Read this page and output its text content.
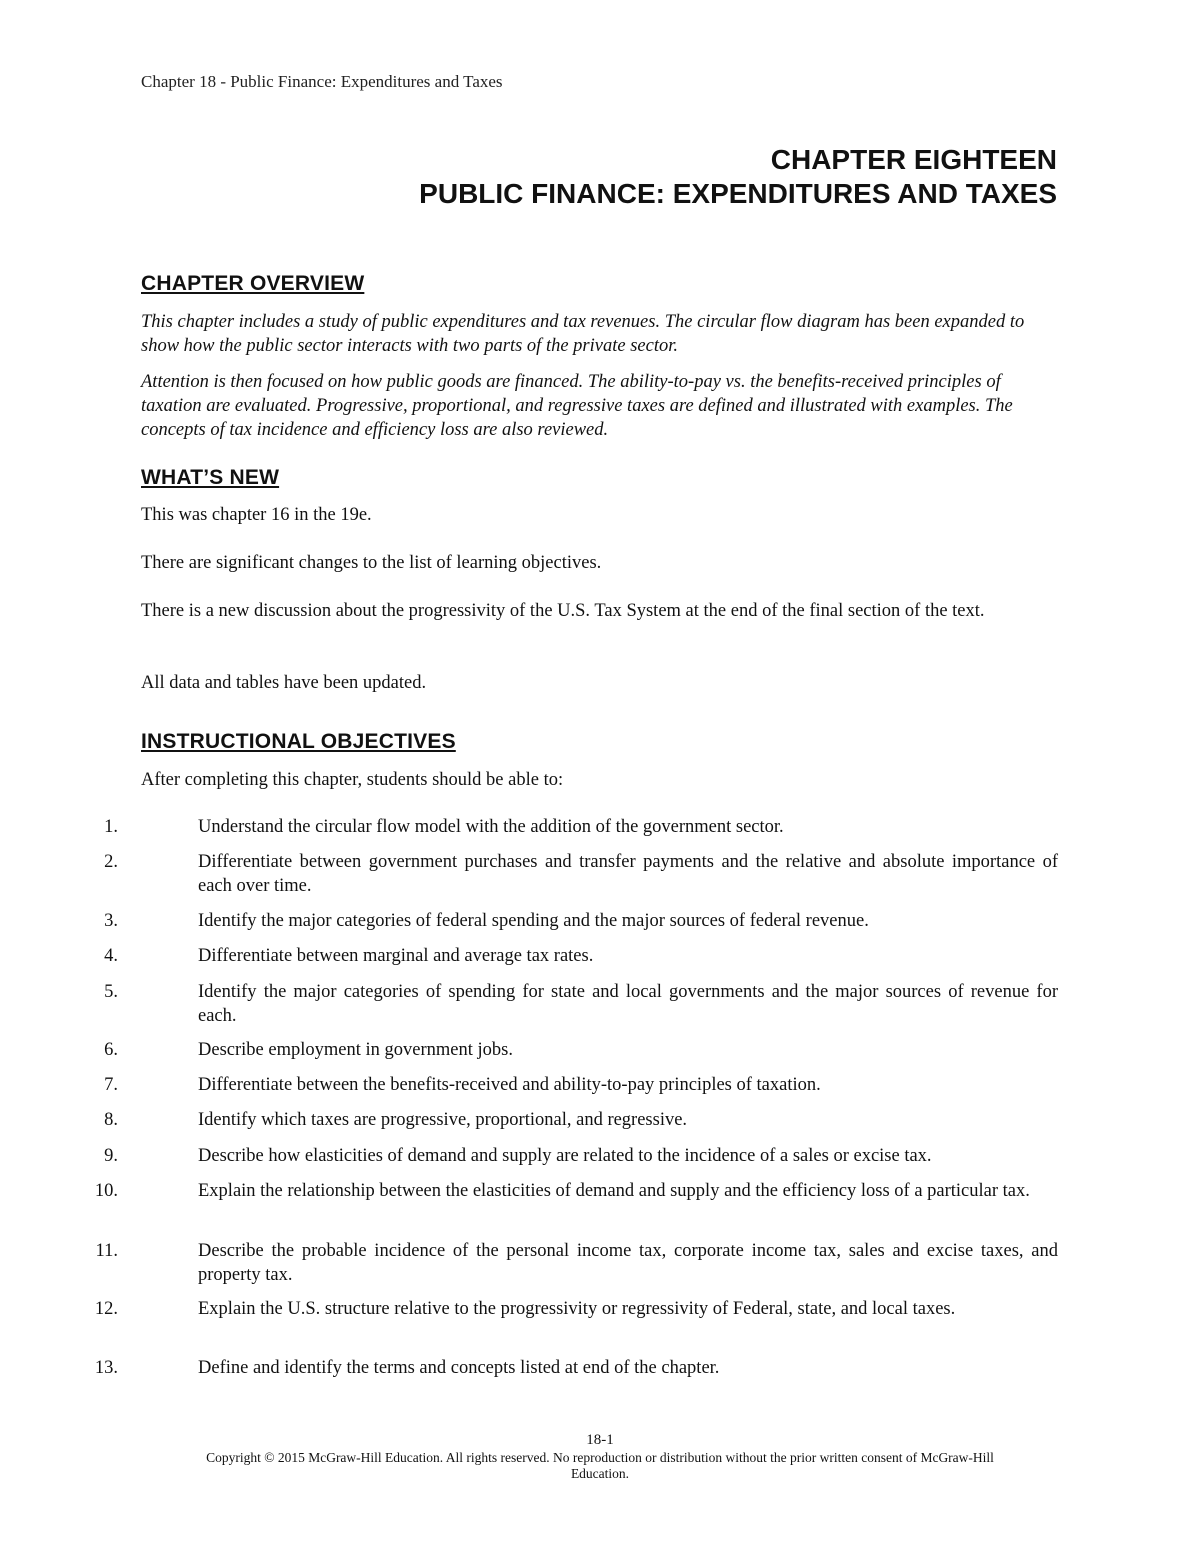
Chapter 18 - Public Finance: Expenditures and Taxes
CHAPTER EIGHTEEN
PUBLIC FINANCE: EXPENDITURES AND TAXES
CHAPTER OVERVIEW
This chapter includes a study of public expenditures and tax revenues. The circular flow diagram has been expanded to show how the public sector interacts with two parts of the private sector.
Attention is then focused on how public goods are financed. The ability-to-pay vs. the benefits-received principles of taxation are evaluated. Progressive, proportional, and regressive taxes are defined and illustrated with examples. The concepts of tax incidence and efficiency loss are also reviewed.
WHAT’S NEW
This was chapter 16 in the 19e.
There are significant changes to the list of learning objectives.
There is a new discussion about the progressivity of the U.S. Tax System at the end of the final section of the text.
All data and tables have been updated.
INSTRUCTIONAL OBJECTIVES
After completing this chapter, students should be able to:
1.	Understand the circular flow model with the addition of the government sector.
2.	Differentiate between government purchases and transfer payments and the relative and absolute importance of each over time.
3.	Identify the major categories of federal spending and the major sources of federal revenue.
4.	Differentiate between marginal and average tax rates.
5.	Identify the major categories of spending for state and local governments and the major sources of revenue for each.
6.	Describe employment in government jobs.
7.	Differentiate between the benefits-received and ability-to-pay principles of taxation.
8.	Identify which taxes are progressive, proportional, and regressive.
9.	Describe how elasticities of demand and supply are related to the incidence of a sales or excise tax.
10.	Explain the relationship between the elasticities of demand and supply and the efficiency loss of a particular tax.
11.	Describe the probable incidence of the personal income tax, corporate income tax, sales and excise taxes, and property tax.
12.	Explain the U.S. structure relative to the progressivity or regressivity of Federal, state, and local taxes.
13.	Define and identify the terms and concepts listed at end of the chapter.
18-1
Copyright © 2015 McGraw-Hill Education. All rights reserved. No reproduction or distribution without the prior written consent of McGraw-Hill Education.
